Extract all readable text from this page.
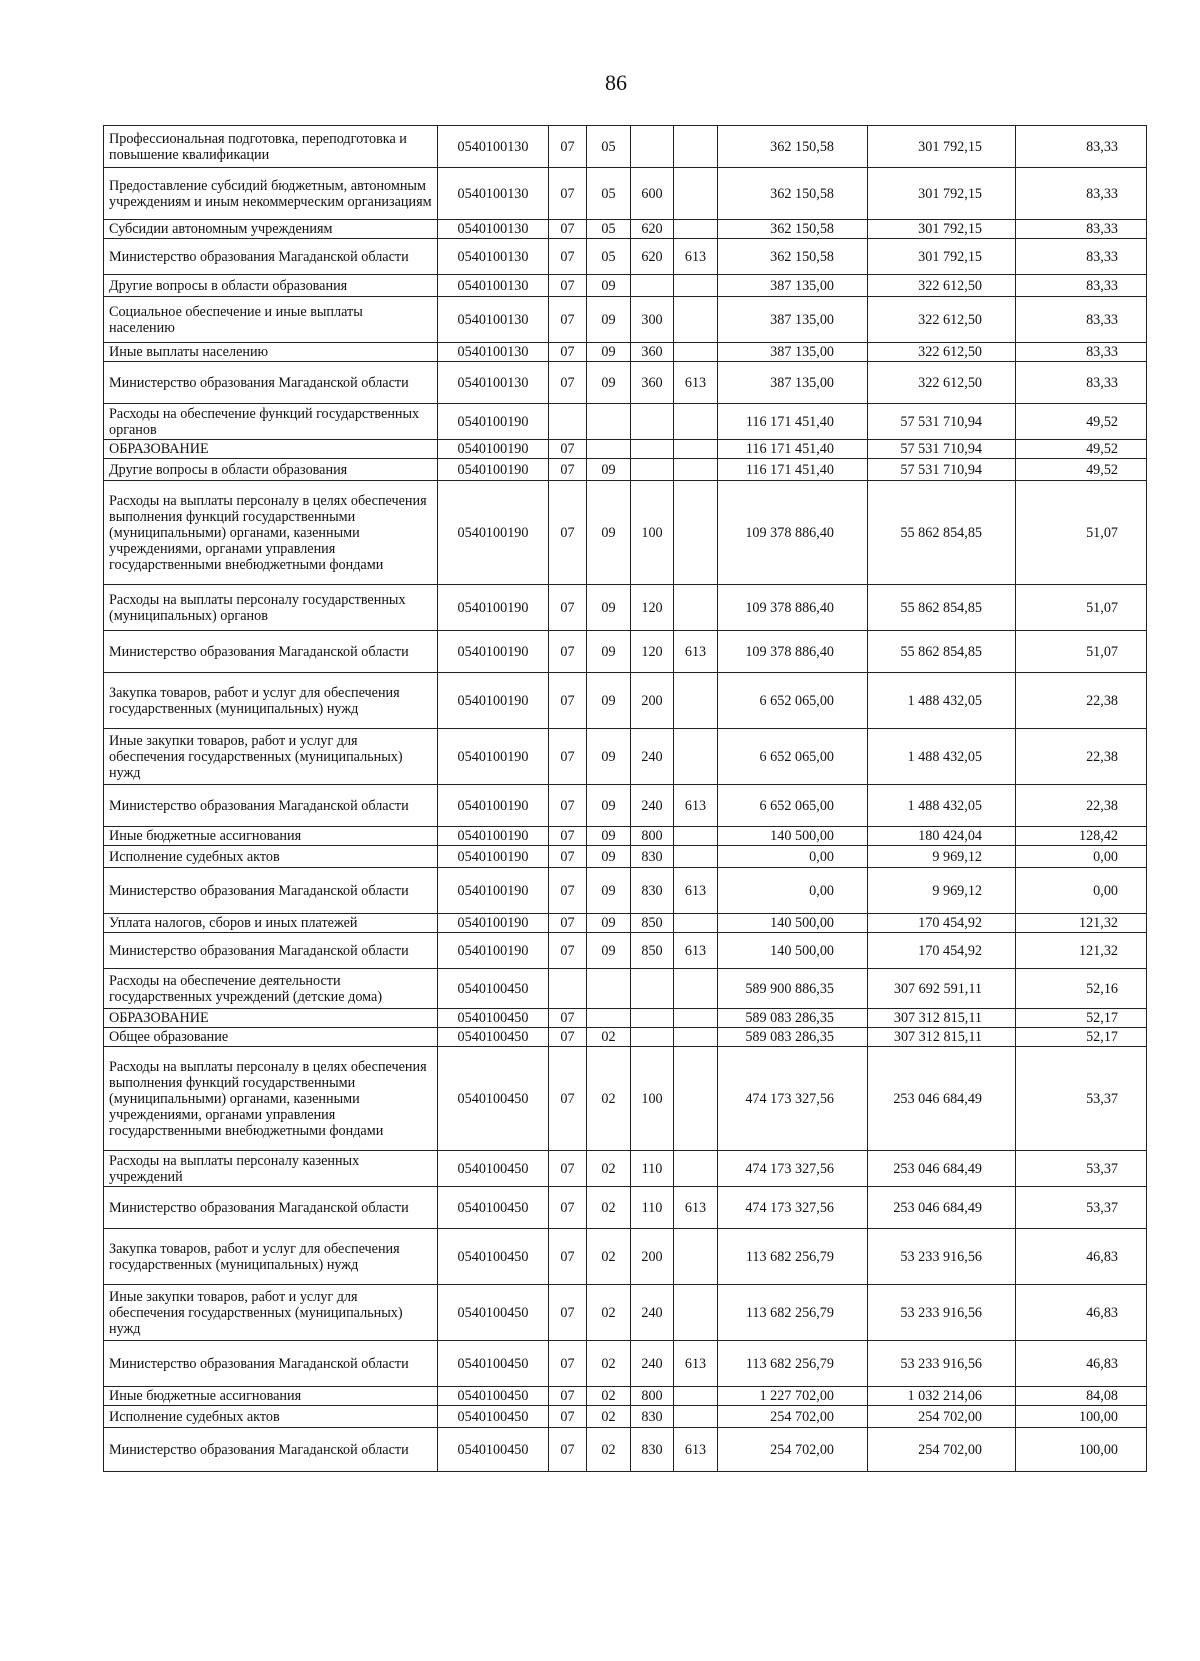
86
Профессиональная подготовка, переподготовка и повышение квалификации	0540100130	07	05			362 150,58	301 792,15	83,33
Предоставление субсидий бюджетным, автономным учреждениям и иным некоммерческим организациям	0540100130	07	05	600		362 150,58	301 792,15	83,33
Субсидии автономным учреждениям	0540100130	07	05	620		362 150,58	301 792,15	83,33
Министерство образования Магаданской области	0540100130	07	05	620	613	362 150,58	301 792,15	83,33
Другие вопросы в области образования	0540100130	07	09			387 135,00	322 612,50	83,33
Социальное обеспечение и иные выплаты населению	0540100130	07	09	300		387 135,00	322 612,50	83,33
Иные выплаты населению	0540100130	07	09	360		387 135,00	322 612,50	83,33
Министерство образования Магаданской области	0540100130	07	09	360	613	387 135,00	322 612,50	83,33
Расходы на обеспечение функций государственных органов	0540100190					116 171 451,40	57 531 710,94	49,52
ОБРАЗОВАНИЕ	0540100190	07				116 171 451,40	57 531 710,94	49,52
Другие вопросы в области образования	0540100190	07	09			116 171 451,40	57 531 710,94	49,52
Расходы на выплаты персоналу в целях обеспечения выполнения функций государственными (муниципальными) органами, казенными учреждениями, органами управления государственными внебюджетными фондами	0540100190	07	09	100		109 378 886,40	55 862 854,85	51,07
Расходы на выплаты персоналу государственных (муниципальных) органов	0540100190	07	09	120		109 378 886,40	55 862 854,85	51,07
Министерство образования Магаданской области	0540100190	07	09	120	613	109 378 886,40	55 862 854,85	51,07
Закупка товаров, работ и услуг для обеспечения государственных (муниципальных) нужд	0540100190	07	09	200		6 652 065,00	1 488 432,05	22,38
Иные закупки товаров, работ и услуг для обеспечения государственных (муниципальных) нужд	0540100190	07	09	240		6 652 065,00	1 488 432,05	22,38
Министерство образования Магаданской области	0540100190	07	09	240	613	6 652 065,00	1 488 432,05	22,38
Иные бюджетные ассигнования	0540100190	07	09	800		140 500,00	180 424,04	128,42
Исполнение судебных актов	0540100190	07	09	830		0,00	9 969,12	0,00
Министерство образования Магаданской области	0540100190	07	09	830	613	0,00	9 969,12	0,00
Уплата налогов, сборов и иных платежей	0540100190	07	09	850		140 500,00	170 454,92	121,32
Министерство образования Магаданской области	0540100190	07	09	850	613	140 500,00	170 454,92	121,32
Расходы на обеспечение деятельности государственных учреждений (детские дома)	0540100450					589 900 886,35	307 692 591,11	52,16
ОБРАЗОВАНИЕ	0540100450	07				589 083 286,35	307 312 815,11	52,17
Общее образование	0540100450	07	02			589 083 286,35	307 312 815,11	52,17
Расходы на выплаты персоналу в целях обеспечения выполнения функций государственными (муниципальными) органами, казенными учреждениями, органами управления государственными внебюджетными фондами	0540100450	07	02	100		474 173 327,56	253 046 684,49	53,37
Расходы на выплаты персоналу казенных учреждений	0540100450	07	02	110		474 173 327,56	253 046 684,49	53,37
Министерство образования Магаданской области	0540100450	07	02	110	613	474 173 327,56	253 046 684,49	53,37
Закупка товаров, работ и услуг для обеспечения государственных (муниципальных) нужд	0540100450	07	02	200		113 682 256,79	53 233 916,56	46,83
Иные закупки товаров, работ и услуг для обеспечения государственных (муниципальных) нужд	0540100450	07	02	240		113 682 256,79	53 233 916,56	46,83
Министерство образования Магаданской области	0540100450	07	02	240	613	113 682 256,79	53 233 916,56	46,83
Иные бюджетные ассигнования	0540100450	07	02	800		1 227 702,00	1 032 214,06	84,08
Исполнение судебных актов	0540100450	07	02	830		254 702,00	254 702,00	100,00
Министерство образования Магаданской области	0540100450	07	02	830	613	254 702,00	254 702,00	100,00
